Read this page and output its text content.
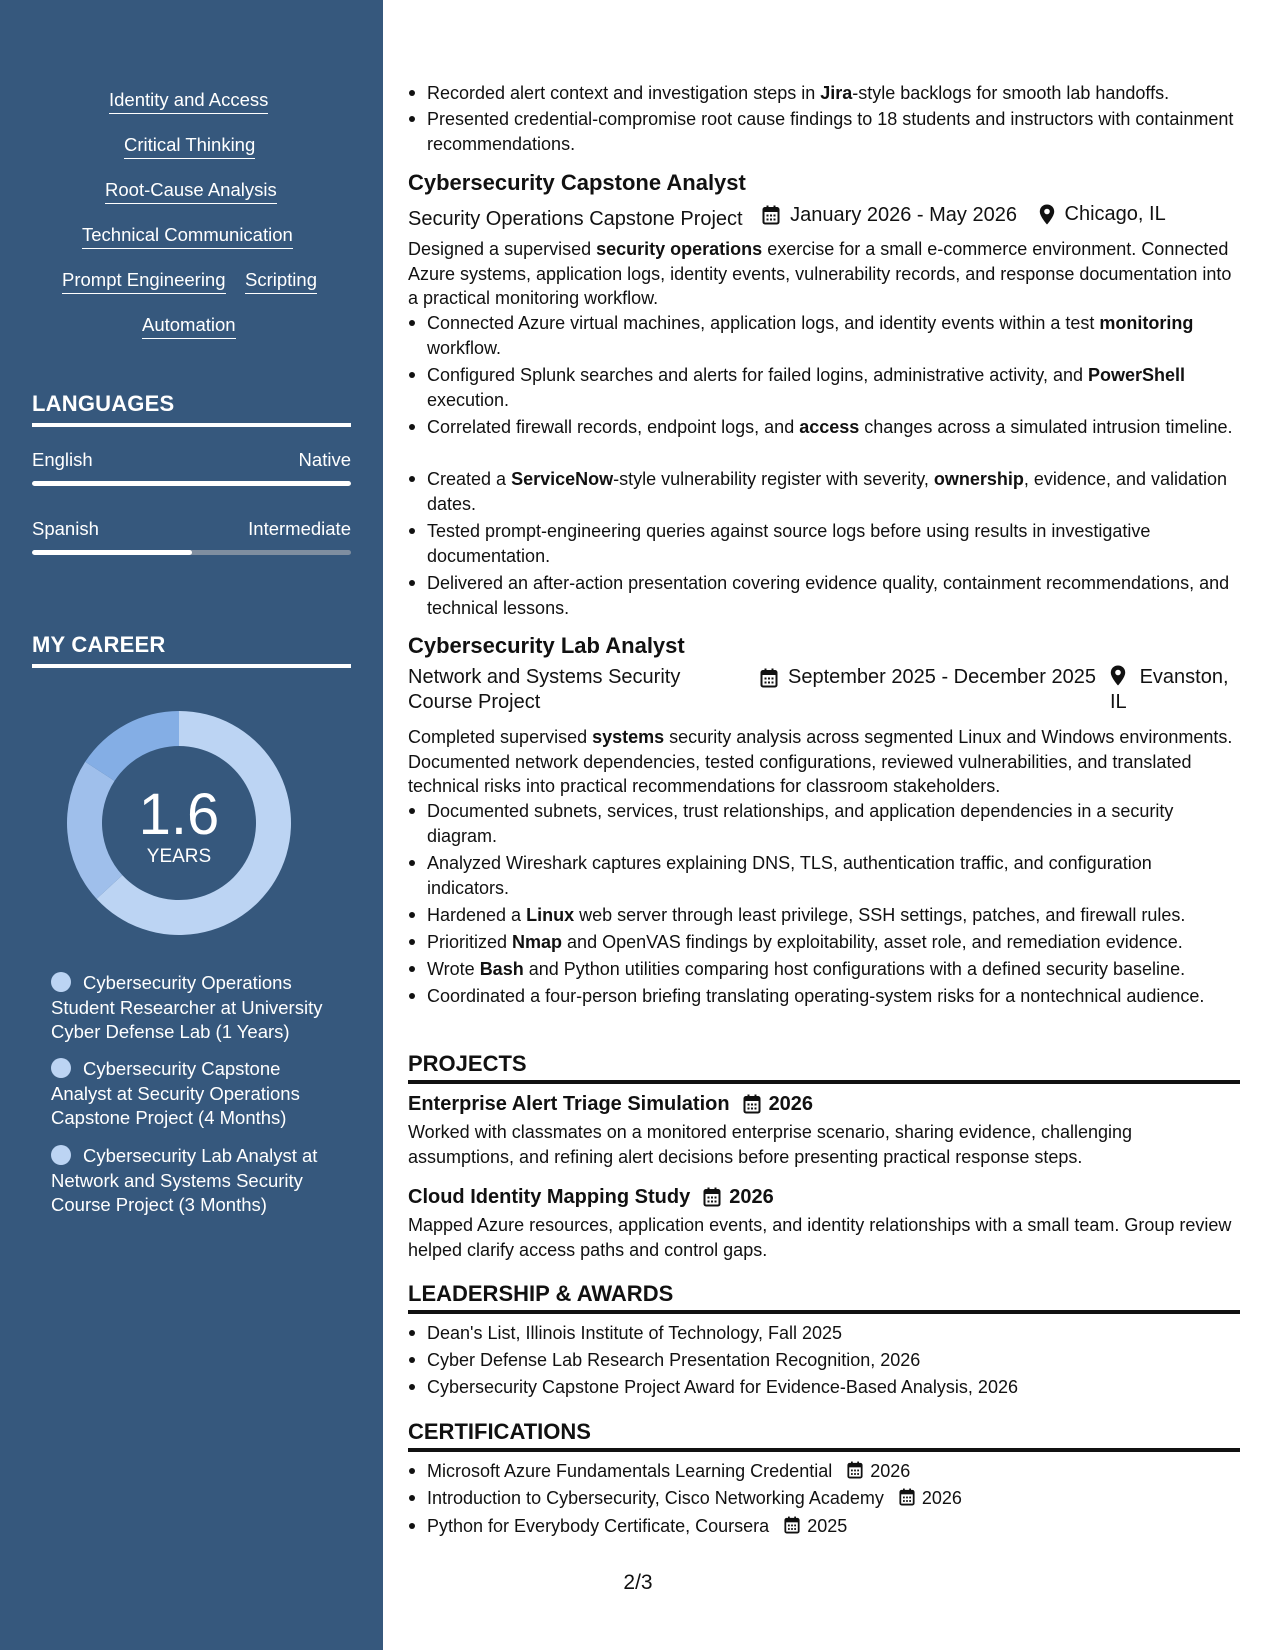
Identity and Access
Critical Thinking
Root-Cause Analysis
Technical Communication
Prompt Engineering Scripting
Automation
LANGUAGES
English	Native
Spanish	Intermediate
MY CAREER
1.6
YEARS
Cybersecurity Operations Student Researcher at University Cyber Defense Lab (1 Years)
Cybersecurity Capstone Analyst at Security Operations Capstone Project (4 Months)
Cybersecurity Lab Analyst at Network and Systems Security Course Project (3 Months)
Recorded alert context and investigation steps in Jira-style backlogs for smooth lab handoffs.
Presented credential-compromise root cause findings to 18 students and instructors with containment recommendations.
Cybersecurity Capstone Analyst
Security Operations Capstone Project January 2026 - May 2026
Chicago, IL
Designed a supervised security operations exercise for a small e-commerce environment. Connected Azure systems, application logs, identity events, vulnerability records, and response documentation into a practical monitoring workflow.
Connected Azure virtual machines, application logs, and identity events within a test monitoring workflow.
Configured Splunk searches and alerts for failed logins, administrative activity, and PowerShell execution.
Correlated firewall records, endpoint logs, and access changes across a simulated intrusion timeline.
Created a ServiceNow-style vulnerability register with severity, ownership, evidence, and validation dates.
Tested prompt-engineering queries against source logs before using results in investigative documentation.
Delivered an after-action presentation covering evidence quality, containment recommendations, and technical lessons.
Cybersecurity Lab Analyst
Network and Systems Security Course Project
September 2025 - December 2025	Evanston, IL
Completed supervised systems security analysis across segmented Linux and Windows environments. Documented network dependencies, tested configurations, reviewed vulnerabilities, and translated technical risks into practical recommendations for classroom stakeholders.
Documented subnets, services, trust relationships, and application dependencies in a security diagram.
Analyzed Wireshark captures explaining DNS, TLS, authentication traffic, and configuration indicators.
Hardened a Linux web server through least privilege, SSH settings, patches, and firewall rules.
Prioritized Nmap and OpenVAS findings by exploitability, asset role, and remediation evidence.
Wrote Bash and Python utilities comparing host configurations with a defined security baseline.
Coordinated a four-person briefing translating operating-system risks for a nontechnical audience.
PROJECTS
Enterprise Alert Triage Simulation 2026
Worked with classmates on a monitored enterprise scenario, sharing evidence, challenging assumptions, and refining alert decisions before presenting practical response steps.
Cloud Identity Mapping Study 2026
Mapped Azure resources, application events, and identity relationships with a small team. Group review helped clarify access paths and control gaps.
LEADERSHIP & AWARDS
Dean's List, Illinois Institute of Technology, Fall 2025
Cyber Defense Lab Research Presentation Recognition, 2026
Cybersecurity Capstone Project Award for Evidence-Based Analysis, 2026
CERTIFICATIONS
Microsoft Azure Fundamentals Learning Credential 2026
Introduction to Cybersecurity, Cisco Networking Academy 2026
Python for Everybody Certificate, Coursera 2025
2/3
